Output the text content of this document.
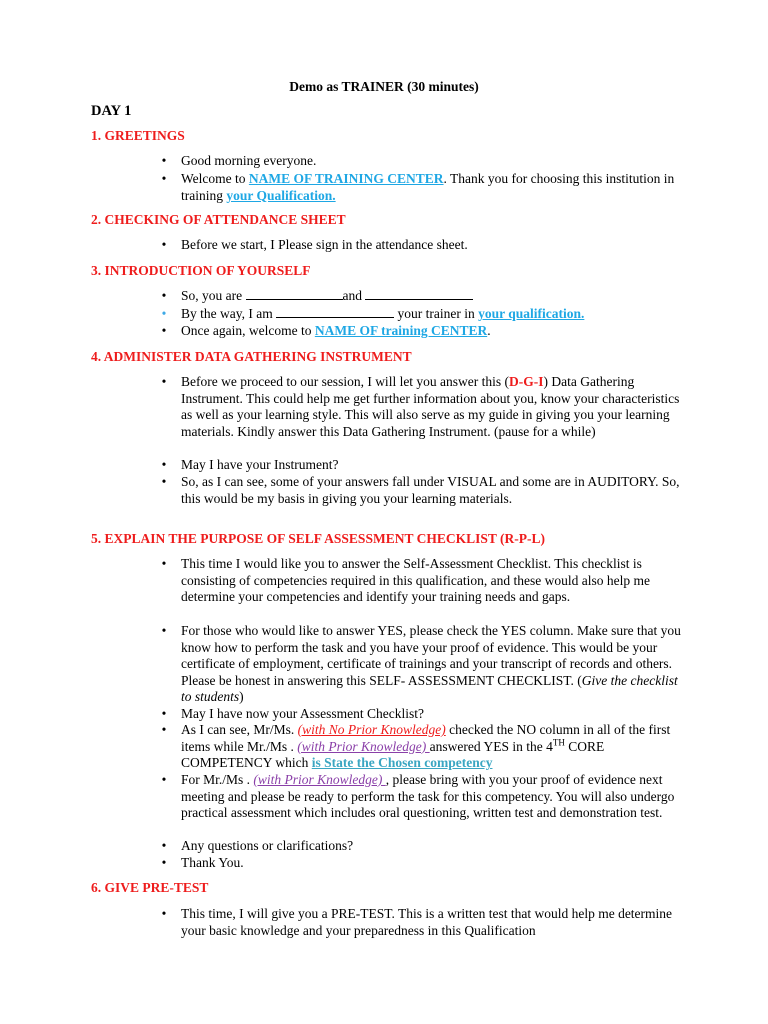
Demo as TRAINER (30 minutes)
DAY 1
1. GREETINGS
• Good morning everyone.
• Welcome to NAME OF TRAINING CENTER. Thank you for choosing this institution in training your Qualification.
2. CHECKING OF ATTENDANCE SHEET
• Before we start, I Please sign in the attendance sheet.
3. INTRODUCTION OF YOURSELF
• So, you are	and
• By the way, I am	your trainer in your qualification.
• Once again, welcome to NAME OF training CENTER.
4. ADMINISTER DATA GATHERING INSTRUMENT
• Before we proceed to our session, I will let you answer this (D-G-I) Data Gathering Instrument. This could help me get further information about you, know your characteristics as well as your learning style. This will also serve as my guide in giving you your learning materials. Kindly answer this Data Gathering Instrument. (pause for a while)
• May I have your Instrument?
• So, as I can see, some of your answers fall under VISUAL and some are in AUDITORY. So, this would be my basis in giving you your learning materials.
5. EXPLAIN THE PURPOSE OF SELF ASSESSMENT CHECKLIST (R-P-L)
• This time I would like you to answer the Self-Assessment Checklist. This checklist is consisting of competencies required in this qualification, and these would also help me determine your competencies and identify your training needs and gaps.
• For those who would like to answer YES, please check the YES column. Make sure that you know how to perform the task and you have your proof of evidence. This would be your certificate of employment, certificate of trainings and your transcript of records and others. Please be honest in answering this SELF- ASSESSMENT CHECKLIST. (Give the checklist to students)
• May I have now your Assessment Checklist?
• As I can see, Mr/Ms. (with No Prior Knowledge) checked the NO column in all of the first items while Mr./Ms . (with Prior Knowledge) answered YES in the 4TH CORE COMPETENCY which is State the Chosen competency
• For Mr./Ms . (with Prior Knowledge) , please bring with you your proof of evidence next meeting and please be ready to perform the task for this competency. You will also undergo practical assessment which includes oral questioning, written test and demonstration test.
• Any questions or clarifications?
• Thank You.
6. GIVE PRE-TEST
• This time, I will give you a PRE-TEST. This is a written test that would help me determine your basic knowledge and your preparedness in this Qualification
